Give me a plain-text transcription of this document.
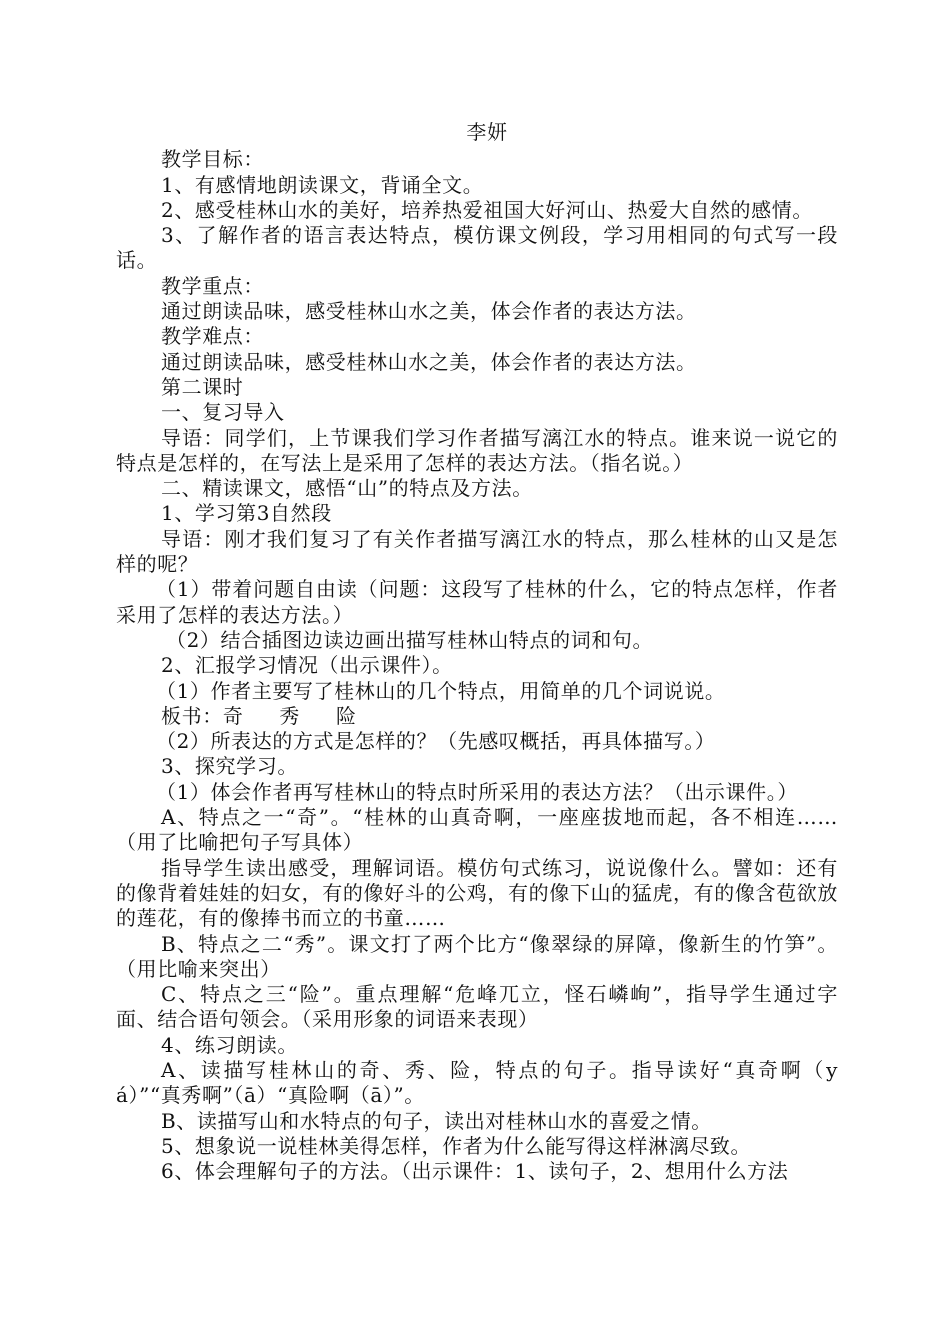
李妍

教学目标：

1、有感情地朗读课文，背诵全文。

2、感受桂林山水的美好，培养热爱祖国大好河山、热爱大自然的感情。

3、了解作者的语言表达特点，模仿课文例段，学习用相同的句式写一段话。

教学重点：

通过朗读品味，感受桂林山水之美，体会作者的表达方法。

教学难点：

通过朗读品味，感受桂林山水之美，体会作者的表达方法。

第二课时

一、复习导入

导语：同学们，上节课我们学习作者描写漓江水的特点。谁来说一说它的特点是怎样的，在写法上是采用了怎样的表达方法。（指名说。）

二、精读课文，感悟“山”的特点及方法。

1、学习第3自然段

导语：刚才我们复习了有关作者描写漓江水的特点，那么桂林的山又是怎样的呢？

（1）带着问题自由读（问题：这段写了桂林的什么，它的特点怎样，作者采用了怎样的表达方法。）

（2）结合插图边读边画出描写桂林山特点的词和句。

2、汇报学习情况（出示课件）。

（1）作者主要写了桂林山的几个特点，用简单的几个词说说。

板书：奇 秀 险

（2）所表达的方式是怎样的？（先感叹概括，再具体描写。）

3、探究学习。

（1）体会作者再写桂林山的特点时所采用的表达方法？（出示课件。）

A、特点之一“奇”。“桂林的山真奇啊，一座座拔地而起，各不相连……（用了比喻把句子写具体）

指导学生读出感受，理解词语。模仿句式练习，说说像什么。譬如：还有的像背着娃娃的妇女，有的像好斗的公鸡，有的像下山的猛虎，有的像含苞欲放的莲花，有的像捧书而立的书童……

B、特点之二“秀”。课文打了两个比方“像翠绿的屏障，像新生的竹笋”。（用比喻来突出）

C、特点之三“险”。重点理解“危峰兀立，怪石嶙峋”，指导学生通过字面、结合语句领会。（采用形象的词语来表现）

4、练习朗读。

A、读描写桂林山的奇、秀、险，特点的句子。指导读好“真奇啊（yá）”“真秀啊”（ā）“真险啊（ā）”。

B、读描写山和水特点的句子，读出对桂林山水的喜爱之情。

5、想象说一说桂林美得怎样，作者为什么能写得这样淋漓尽致。

6、体会理解句子的方法。（出示课件：1、读句子，2、想用什么方法
